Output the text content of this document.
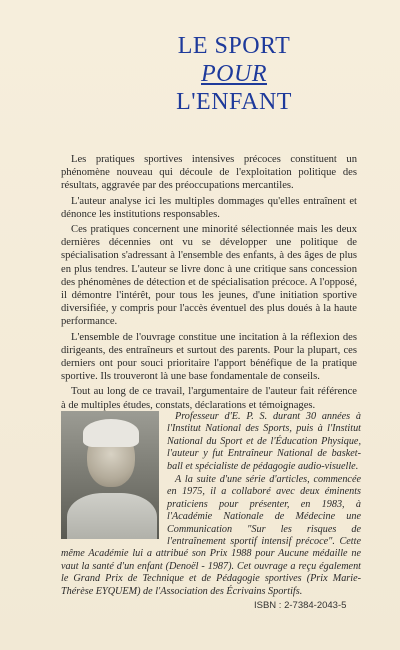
LE SPORT
POUR
L'ENFANT

Les pratiques sportives intensives précoces constituent un phénomène nouveau qui découle de l'exploitation politique des résultats, aggravée par des préoccupations mercantiles.

L'auteur analyse ici les multiples dommages qu'elles entraînent et dénonce les institutions responsables.

Ces pratiques concernent une minorité sélectionnée mais les deux dernières décennies ont vu se développer une politique de spécialisation s'adressant à l'ensemble des enfants, à des âges de plus en plus tendres. L'auteur se livre donc à une critique sans concession des phénomènes de détection et de spécialisation précoce. A l'opposé, il démontre l'intérêt, pour tous les jeunes, d'une initiation sportive diversifiée, y compris pour l'accès éventuel des plus doués à la haute performance.

L'ensemble de l'ouvrage constitue une incitation à la réflexion des dirigeants, des entraîneurs et surtout des parents. Pour la plupart, ces derniers ont pour souci prioritaire l'apport bénéfique de la pratique sportive. Ils trouveront là une base fondamentale de conseils.

Tout au long de ce travail, l'argumentaire de l'auteur fait référence à de multiples études, constats, déclarations et témoignages.

Professeur d'E. P. S. durant 30 années à l'Institut National des Sports, puis à l'Institut National du Sport et de l'Éducation Physique, l'auteur y fut Entraîneur National de basket-ball et spécialiste de pédagogie audio-visuelle.

A la suite d'une série d'articles, commencée en 1975, il a collaboré avec deux éminents praticiens pour présenter, en 1983, à l'Académie Nationale de Médecine une Communication "Sur les risques de l'entraînement sportif intensif précoce". Cette même Académie lui a attribué son Prix 1988 pour Aucune médaille ne vaut la santé d'un enfant (Denoël - 1987). Cet ouvrage a reçu également le Grand Prix de Technique et de Pédagogie sportives (Prix Marie-Thérèse EYQUEM) de l'Association des Écrivains Sportifs.

ISBN : 2-7384-2043-5
